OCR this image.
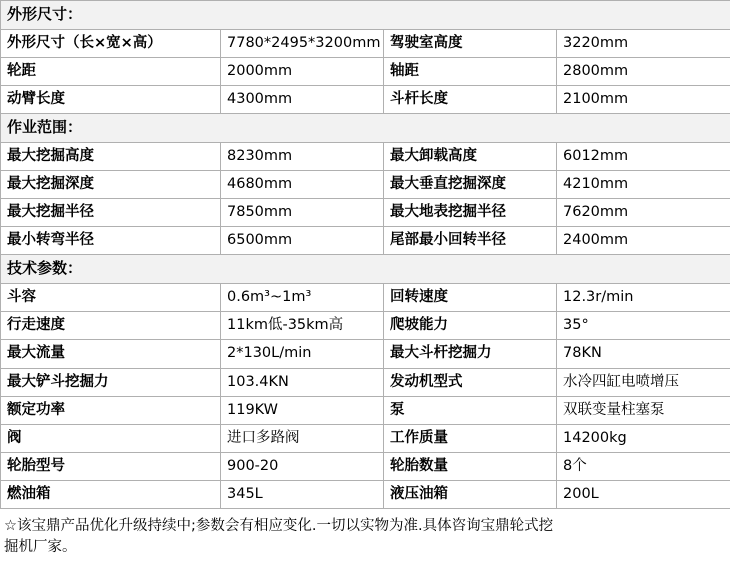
外形尺寸：			
外形尺寸（长×宽×高）	7780*2495*3200mm	驾驶室高度	3220mm
轮距	2000mm	轴距	2800mm
动臂长度	4300mm	斗杆长度	2100mm
作业范围：			
最大挖掘高度	8230mm	最大卸载高度	6012mm
最大挖掘深度	4680mm	最大垂直挖掘深度	4210mm
最大挖掘半径	7850mm	最大地表挖掘半径	7620mm
最小转弯半径	6500mm	尾部最小回转半径	2400mm
技术参数：			
斗容	0.6m³~1m³	回转速度	12.3r/min
行走速度	11km低-35km高	爬坡能力	35°
最大流量	2*130L/min	最大斗杆挖掘力	78KN
最大铲斗挖掘力	103.4KN	发动机型式	水冷四缸电喷增压
额定功率	119KW	泵	双联变量柱塞泵
阀	进口多路阀	工作质量	14200kg
轮胎型号	900-20	轮胎数量	8个
燃油箱	345L	液压油箱	200L
☆该宝鼎产品优化升级持续中;参数会有相应变化.一切以实物为准.具体咨询宝鼎轮式挖
掘机厂家。
